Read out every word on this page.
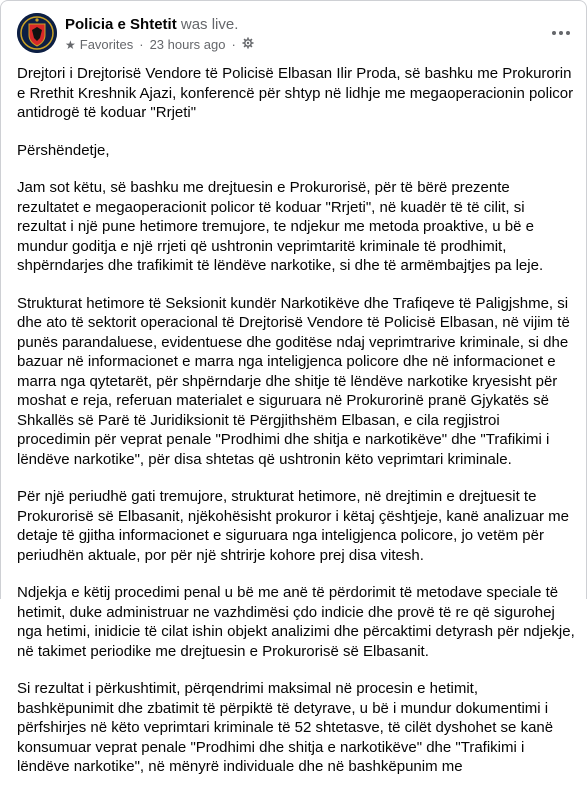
Policia e Shtetit was live.
★ Favorites · 23 hours ago ·

Drejtori i Drejtorisë Vendore të Policisë Elbasan Ilir Proda, së bashku me Prokurorin e Rrethit Kreshnik Ajazi, konferencë për shtyp në lidhje me megaoperacionin policor antidrogë të koduar "Rrjeti"

Përshëndetje,

Jam sot këtu, së bashku me drejtuesin e Prokurorisë, për të bërë prezente rezultatet e megaoperacionit policor të koduar "Rrjeti", në kuadër të të cilit, si rezultat i një pune hetimore tremujore, te ndjekur me metoda proaktive, u bë e mundur goditja e një rrjeti që ushtronin veprimtaritë kriminale të prodhimit, shpërndarjes dhe trafikimit të lëndëve narkotike, si dhe të armëmbajtjes pa leje.

Strukturat hetimore të Seksionit kundër Narkotikëve dhe Trafiqeve të Paligjshme, si dhe ato të sektorit operacional të Drejtorisë Vendore të Policisë Elbasan, në vijim të punës parandaluese, evidentuese dhe goditëse ndaj veprimtrarive kriminale, si dhe bazuar në informacionet e marra nga inteligjenca policore dhe në informacionet e marra nga qytetarët, për shpërndarje dhe shitje të lëndëve narkotike kryesisht për moshat e reja, referuan materialet e siguruara në Prokurorinë pranë Gjykatës së Shkallës së Parë të Juridiksionit të Përgjithshëm Elbasan, e cila regjistroi procedimin për veprat penale "Prodhimi dhe shitja e narkotikëve" dhe "Trafikimi i lëndëve narkotike", për disa shtetas që ushtronin këto veprimtari kriminale.

Për një periudhë gati tremujore, strukturat hetimore, në drejtimin e drejtuesit te Prokurorisë së Elbasanit, njëkohësisht prokuror i këtaj çështjeje, kanë analizuar me detaje të gjitha informacionet e siguruara nga inteligjenca policore, jo vetëm për periudhën aktuale, por për një shtrirje kohore prej disa vitesh.

Ndjekja e këtij procedimi penal u bë me anë të përdorimit të metodave speciale të hetimit, duke administruar ne vazhdimësi çdo indicie dhe provë të re që sigurohej nga hetimi, inidicie të cilat ishin objekt analizimi dhe përcaktimi detyrash për ndjekje, në takimet periodike me drejtuesin e Prokurorisë së Elbasanit.

Si rezultat i përkushtimit, përqendrimi maksimal në procesin e hetimit, bashkëpunimit dhe zbatimit të përpiktë të detyrave, u bë i mundur dokumentimi i përfshirjes në këto veprimtari kriminale të 52 shtetasve, të cilët dyshohet se kanë konsumuar veprat penale "Prodhimi dhe shitja e narkotikëve" dhe "Trafikimi i lëndëve narkotike", në mënyrë individuale dhe në bashkëpunim me
